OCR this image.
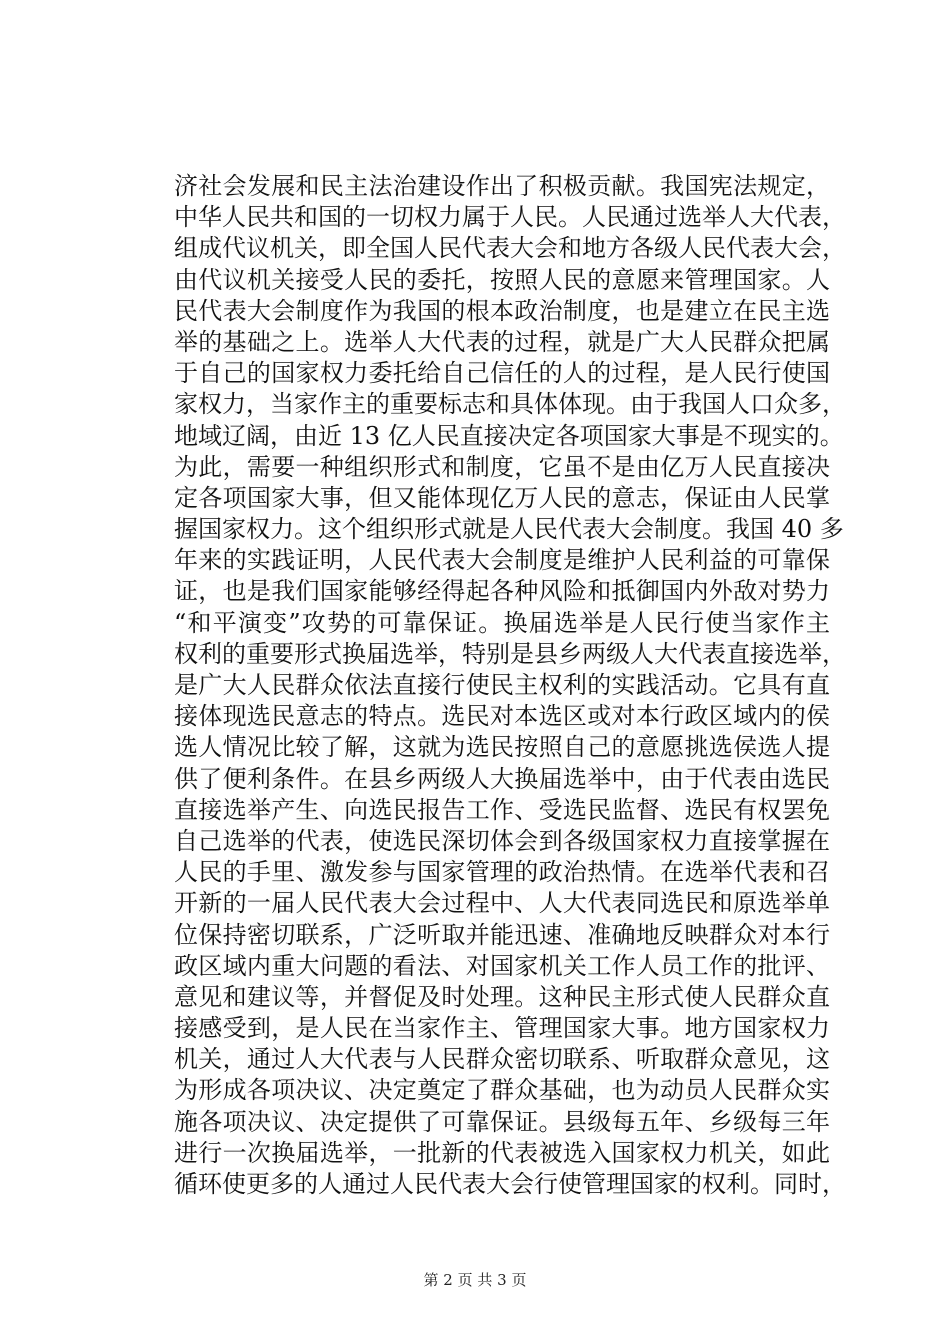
济社会发展和民主法治建设作出了积极贡献。我国宪法规定，
中华人民共和国的一切权力属于人民。人民通过选举人大代表，
组成代议机关，即全国人民代表大会和地方各级人民代表大会，
由代议机关接受人民的委托，按照人民的意愿来管理国家。人
民代表大会制度作为我国的根本政治制度，也是建立在民主选
举的基础之上。选举人大代表的过程，就是广大人民群众把属
于自己的国家权力委托给自己信任的人的过程，是人民行使国
家权力，当家作主的重要标志和具体体现。由于我国人口众多，
地域辽阔，由近 13 亿人民直接决定各项国家大事是不现实的。
为此，需要一种组织形式和制度，它虽不是由亿万人民直接决
定各项国家大事，但又能体现亿万人民的意志，保证由人民掌
握国家权力。这个组织形式就是人民代表大会制度。我国 40 多
年来的实践证明，人民代表大会制度是维护人民利益的可靠保
证，也是我们国家能够经得起各种风险和抵御国内外敌对势力
“和平演变”攻势的可靠保证。换届选举是人民行使当家作主
权利的重要形式换届选举，特别是县乡两级人大代表直接选举，
是广大人民群众依法直接行使民主权利的实践活动。它具有直
接体现选民意志的特点。选民对本选区或对本行政区域内的侯
选人情况比较了解，这就为选民按照自己的意愿挑选侯选人提
供了便利条件。在县乡两级人大换届选举中，由于代表由选民
直接选举产生、向选民报告工作、受选民监督、选民有权罢免
自己选举的代表，使选民深切体会到各级国家权力直接掌握在
人民的手里、激发参与国家管理的政治热情。在选举代表和召
开新的一届人民代表大会过程中、人大代表同选民和原选举单
位保持密切联系，广泛听取并能迅速、准确地反映群众对本行
政区域内重大问题的看法、对国家机关工作人员工作的批评、
意见和建议等，并督促及时处理。这种民主形式使人民群众直
接感受到，是人民在当家作主、管理国家大事。地方国家权力
机关，通过人大代表与人民群众密切联系、听取群众意见，这
为形成各项决议、决定奠定了群众基础，也为动员人民群众实
施各项决议、决定提供了可靠保证。县级每五年、乡级每三年
进行一次换届选举，一批新的代表被选入国家权力机关，如此
循环使更多的人通过人民代表大会行使管理国家的权利。同时，
第 2 页 共 3 页
